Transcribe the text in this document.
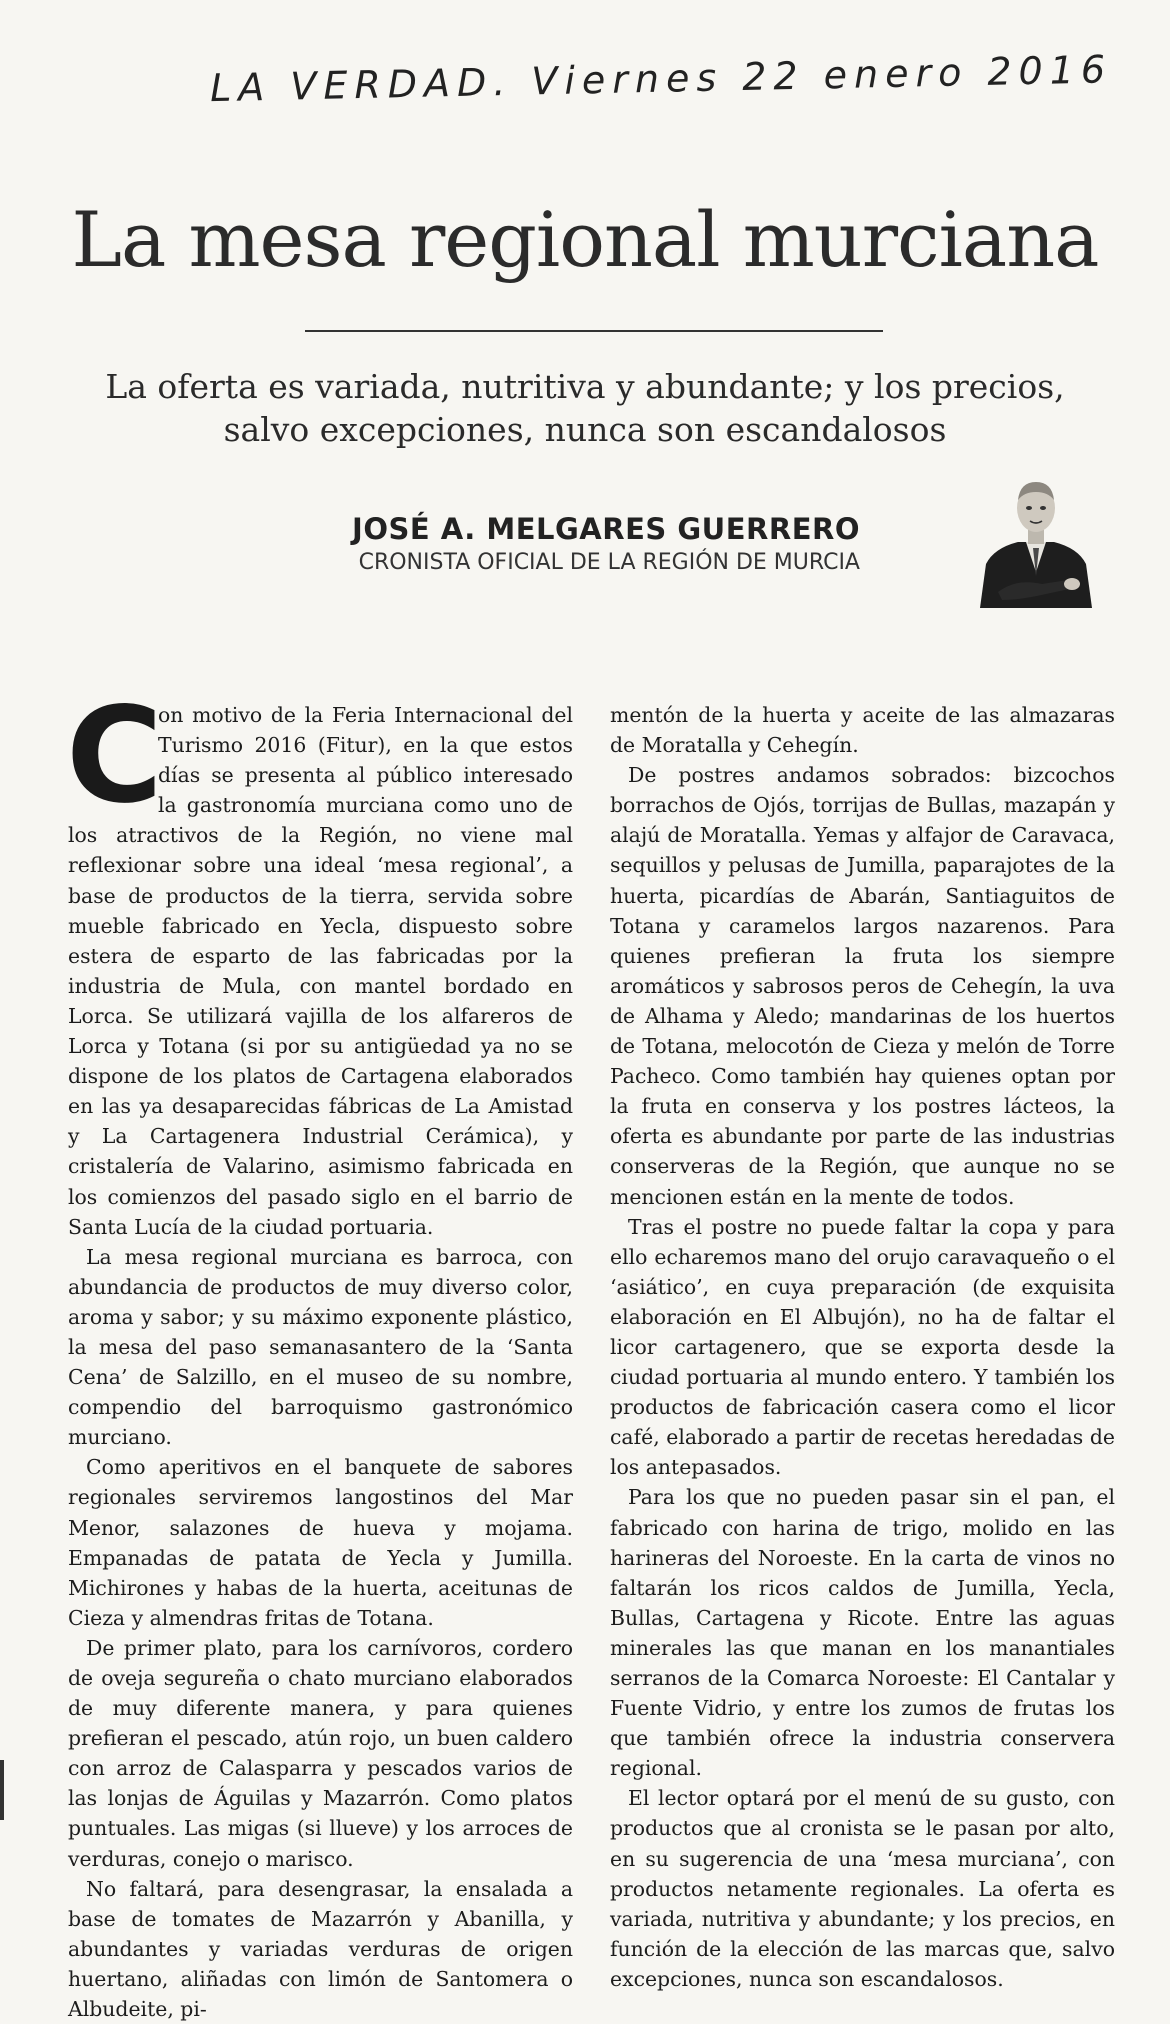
LA VERDAD. Viernes 22 enero 2016
La mesa regional murciana
La oferta es variada, nutritiva y abundante; y los precios, salvo excepciones, nunca son escandalosos
JOSÉ A. MELGARES GUERRERO
CRONISTA OFICIAL DE LA REGIÓN DE MURCIA

C
on motivo de la Feria Internacional del Turismo 2016 (Fitur), en la que estos días se presenta al público interesado la gastronomía murciana como uno de los atractivos de la Región, no viene mal reflexionar sobre una ideal ‘mesa regional’, a base de productos de la tierra, servida sobre mueble fabricado en Yecla, dispuesto sobre estera de esparto de las fabricadas por la industria de Mula, con mantel bordado en Lorca. Se utilizará vajilla de los alfareros de Lorca y Totana (si por su antigüedad ya no se dispone de los platos de Cartagena elaborados en las ya desaparecidas fábricas de La Amistad y La Cartagenera Industrial Cerámica), y cristalería de Valarino, asimismo fabricada en los comienzos del pasado siglo en el barrio de Santa Lucía de la ciudad portuaria.

La mesa regional murciana es barroca, con abundancia de productos de muy diverso color, aroma y sabor; y su máximo exponente plástico, la mesa del paso semanasantero de la ‘Santa Cena’ de Salzillo, en el museo de su nombre, compendio del barroquismo gastronómico murciano.

Como aperitivos en el banquete de sabores regionales serviremos langostinos del Mar Menor, salazones de hueva y mojama. Empanadas de patata de Yecla y Jumilla. Michirones y habas de la huerta, aceitunas de Cieza y almendras fritas de Totana.

De primer plato, para los carnívoros, cordero de oveja segureña o chato murciano elaborados de muy diferente manera, y para quienes prefieran el pescado, atún rojo, un buen caldero con arroz de Calasparra y pescados varios de las lonjas de Águilas y Mazarrón. Como platos puntuales. Las migas (si llueve) y los arroces de verduras, conejo o marisco.

No faltará, para desengrasar, la ensalada a base de tomates de Mazarrón y Abanilla, y abundantes y variadas verduras de origen huertano, aliñadas con limón de Santomera o Albudeite, pi-

mentón de la huerta y aceite de las almazaras de Moratalla y Cehegín.

De postres andamos sobrados: bizcochos borrachos de Ojós, torrijas de Bullas, mazapán y alajú de Moratalla. Yemas y alfajor de Caravaca, sequillos y pelusas de Jumilla, paparajotes de la huerta, picardías de Abarán, Santiaguitos de Totana y caramelos largos nazarenos. Para quienes prefieran la fruta los siempre aromáticos y sabrosos peros de Cehegín, la uva de Alhama y Aledo; mandarinas de los huertos de Totana, melocotón de Cieza y melón de Torre Pacheco. Como también hay quienes optan por la fruta en conserva y los postres lácteos, la oferta es abundante por parte de las industrias conserveras de la Región, que aunque no se mencionen están en la mente de todos.

Tras el postre no puede faltar la copa y para ello echaremos mano del orujo caravaqueño o el ‘asiático’, en cuya preparación (de exquisita elaboración en El Albujón), no ha de faltar el licor cartagenero, que se exporta desde la ciudad portuaria al mundo entero. Y también los productos de fabricación casera como el licor café, elaborado a partir de recetas heredadas de los antepasados.

Para los que no pueden pasar sin el pan, el fabricado con harina de trigo, molido en las harineras del Noroeste. En la carta de vinos no faltarán los ricos caldos de Jumilla, Yecla, Bullas, Cartagena y Ricote. Entre las aguas minerales las que manan en los manantiales serranos de la Comarca Noroeste: El Cantalar y Fuente Vidrio, y entre los zumos de frutas los que también ofrece la industria conservera regional.

El lector optará por el menú de su gusto, con productos que al cronista se le pasan por alto, en su sugerencia de una ‘mesa murciana’, con productos netamente regionales. La oferta es variada, nutritiva y abundante; y los precios, en función de la elección de las marcas que, salvo excepciones, nunca son escandalosos.
